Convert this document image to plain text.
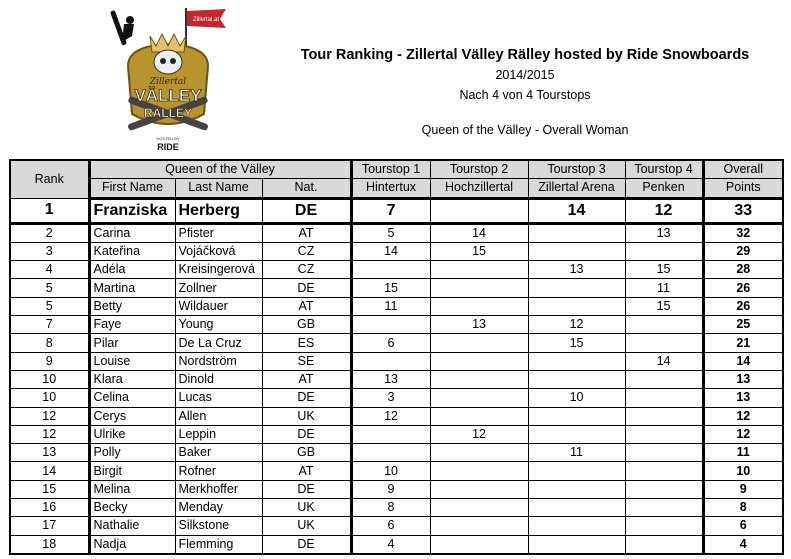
Zillertal.at
Zillertal
VÄLLEY
RÄLLEY
HOSTED BY
RIDE
Tour Ranking - Zillertal Välley Rälley hosted by Ride Snowboards
2014/2015
Nach 4 von 4 Tourstops
Queen of the Välley - Overall Woman
Rank	Queen of the Välley			Tourstop 1	Tourstop 2	Tourstop 3	Tourstop 4	Overall
	First Name	Last Name	Nat.	Hintertux	Hochzillertal	Zillertal Arena	Penken	Points
1	Franziska	Herberg	DE	7		14	12	33
2	Carina	Pfister	AT	5	14		13	32
3	Kateřina	Vojáčková	CZ	14	15			29
4	Adéla	Kreisingerová	CZ			13	15	28
5	Martina	Zollner	DE	15			11	26
5	Betty	Wildauer	AT	11			15	26
7	Faye	Young	GB		13	12		25
8	Pilar	De La Cruz	ES	6		15		21
9	Louise	Nordström	SE				14	14
10	Klara	Dinold	AT	13				13
10	Celina	Lucas	DE	3		10		13
12	Cerys	Allen	UK	12				12
12	Ulrike	Leppin	DE		12			12
13	Polly	Baker	GB			11		11
14	Birgit	Rofner	AT	10				10
15	Melina	Merkhoffer	DE	9				9
16	Becky	Menday	UK	8				8
17	Nathalie	Silkstone	UK	6				6
18	Nadja	Flemming	DE	4				4
